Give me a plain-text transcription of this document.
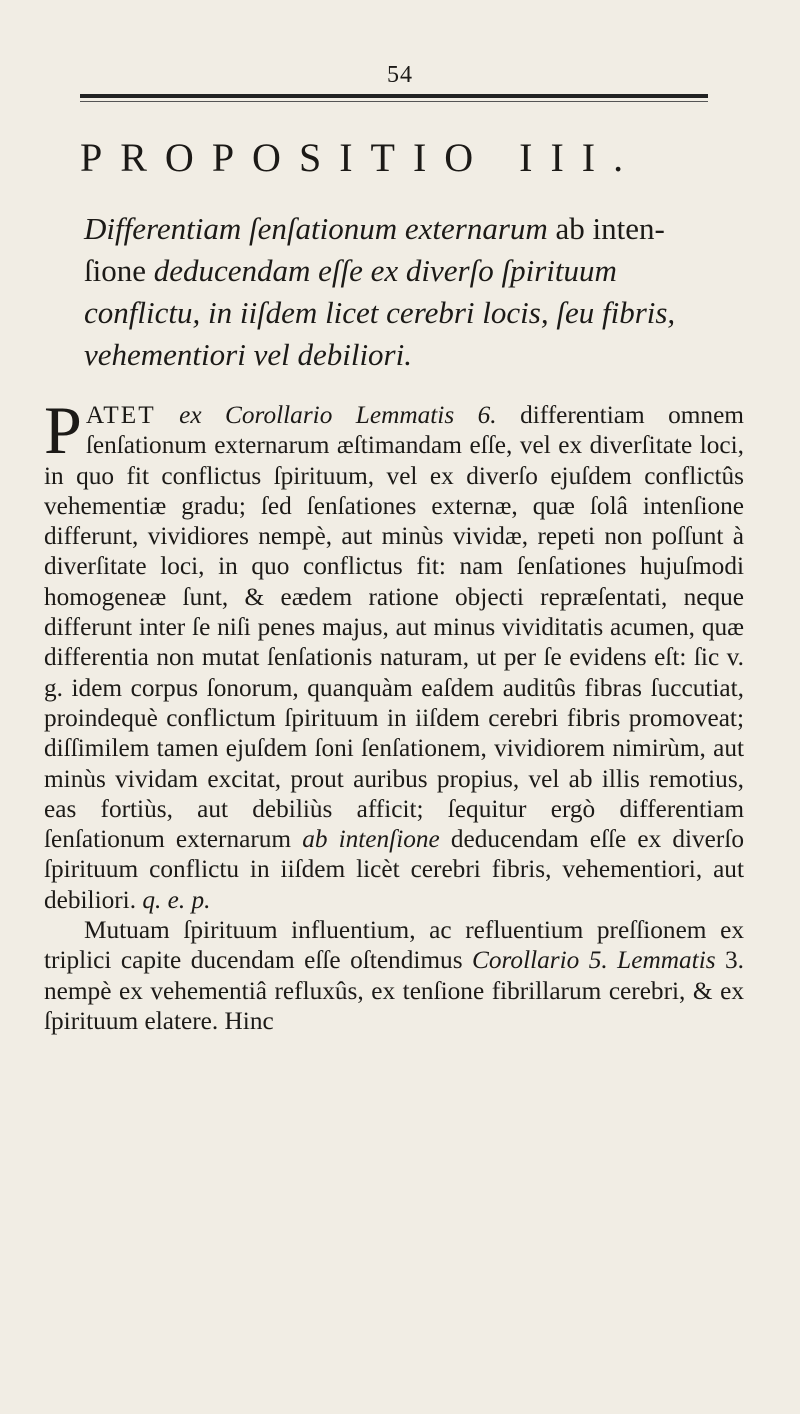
54
PROPOSITIO III.
Differentiam ſenſationum externarum ab inten-ſione deducendam eſſe ex diverſo ſpirituum conflictu, in iiſdem licet cerebri locis, ſeu fibris, vehementiori vel debiliori.

PATET ex Corollario Lemmatis 6. differentiam omnem ſenſationum externarum æſtimandam eſſe, vel ex diverſitate loci, in quo fit conflictus ſpirituum, vel ex diverſo ejuſdem conflictûs vehementiæ gradu; ſed ſenſationes externæ, quæ ſolâ intenſione differunt, vividiores nempè, aut minùs vividæ, repeti non poſſunt à diverſitate loci, in quo conflictus fit: nam ſenſationes hujuſmodi homogeneæ ſunt, & eædem ratione objecti repræſentati, neque differunt inter ſe niſi penes majus, aut minus vividitatis acumen, quæ differentia non mutat ſenſationis naturam, ut per ſe evidens eſt: ſic v. g. idem corpus ſonorum, quanquàm eaſdem auditûs fibras ſuccutiat, proindequè conflictum ſpirituum in iiſdem cerebri fibris promoveat; diſſimilem tamen ejuſdem ſoni ſenſationem, vividiorem nimirùm, aut minùs vividam excitat, prout auribus propius, vel ab illis remotius, eas fortiùs, aut debiliùs afficit; ſequitur ergò differentiam ſenſationum externarum ab intenſione deducendam eſſe ex diverſo ſpirituum conflictu in iiſdem licèt cerebri fibris, vehementiori, aut debiliori. q. e. p.

Mutuam ſpirituum influentium, ac refluentium preſſionem ex triplici capite ducendam eſſe oſtendimus Corollario 5. Lemmatis 3. nempè ex vehementiâ refluxûs, ex tenſione fibrillarum cerebri, & ex ſpirituum elatere. Hinc
